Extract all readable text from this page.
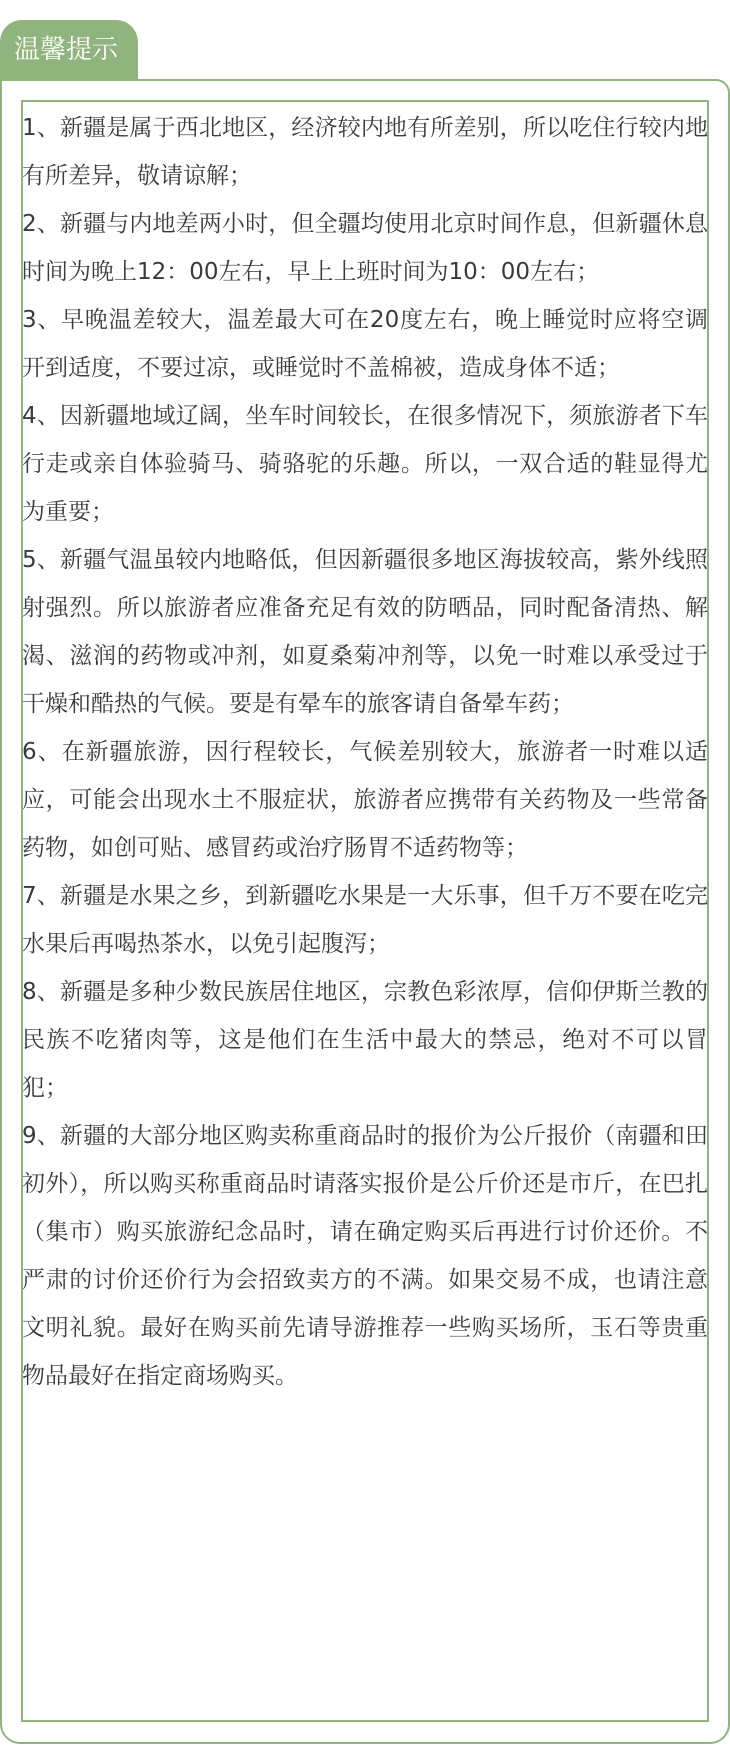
温馨提示

1、新疆是属于西北地区，经济较内地有所差别，所以吃住行较内地有所差异，敬请谅解；

2、新疆与内地差两小时，但全疆均使用北京时间作息，但新疆休息时间为晚上12：00左右，早上上班时间为10：00左右；

3、早晚温差较大，温差最大可在20度左右，晚上睡觉时应将空调开到适度，不要过凉，或睡觉时不盖棉被，造成身体不适；

4、因新疆地域辽阔，坐车时间较长，在很多情况下，须旅游者下车行走或亲自体验骑马、骑骆驼的乐趣。所以，一双合适的鞋显得尤为重要；

5、新疆气温虽较内地略低，但因新疆很多地区海拔较高，紫外线照射强烈。所以旅游者应准备充足有效的防晒品，同时配备清热、解渴、滋润的药物或冲剂，如夏桑菊冲剂等，以免一时难以承受过于干燥和酷热的气候。要是有晕车的旅客请自备晕车药；

6、在新疆旅游，因行程较长，气候差别较大，旅游者一时难以适应，可能会出现水土不服症状，旅游者应携带有关药物及一些常备药物，如创可贴、感冒药或治疗肠胃不适药物等；

7、新疆是水果之乡，到新疆吃水果是一大乐事，但千万不要在吃完水果后再喝热茶水，以免引起腹泻；

8、新疆是多种少数民族居住地区，宗教色彩浓厚，信仰伊斯兰教的民族不吃猪肉等，这是他们在生活中最大的禁忌，绝对不可以冒犯；

9、新疆的大部分地区购卖称重商品时的报价为公斤报价（南疆和田初外），所以购买称重商品时请落实报价是公斤价还是市斤，在巴扎（集市）购买旅游纪念品时，请在确定购买后再进行讨价还价。不严肃的讨价还价行为会招致卖方的不满。如果交易不成，也请注意文明礼貌。最好在购买前先请导游推荐一些购买场所，玉石等贵重物品最好在指定商场购买。
